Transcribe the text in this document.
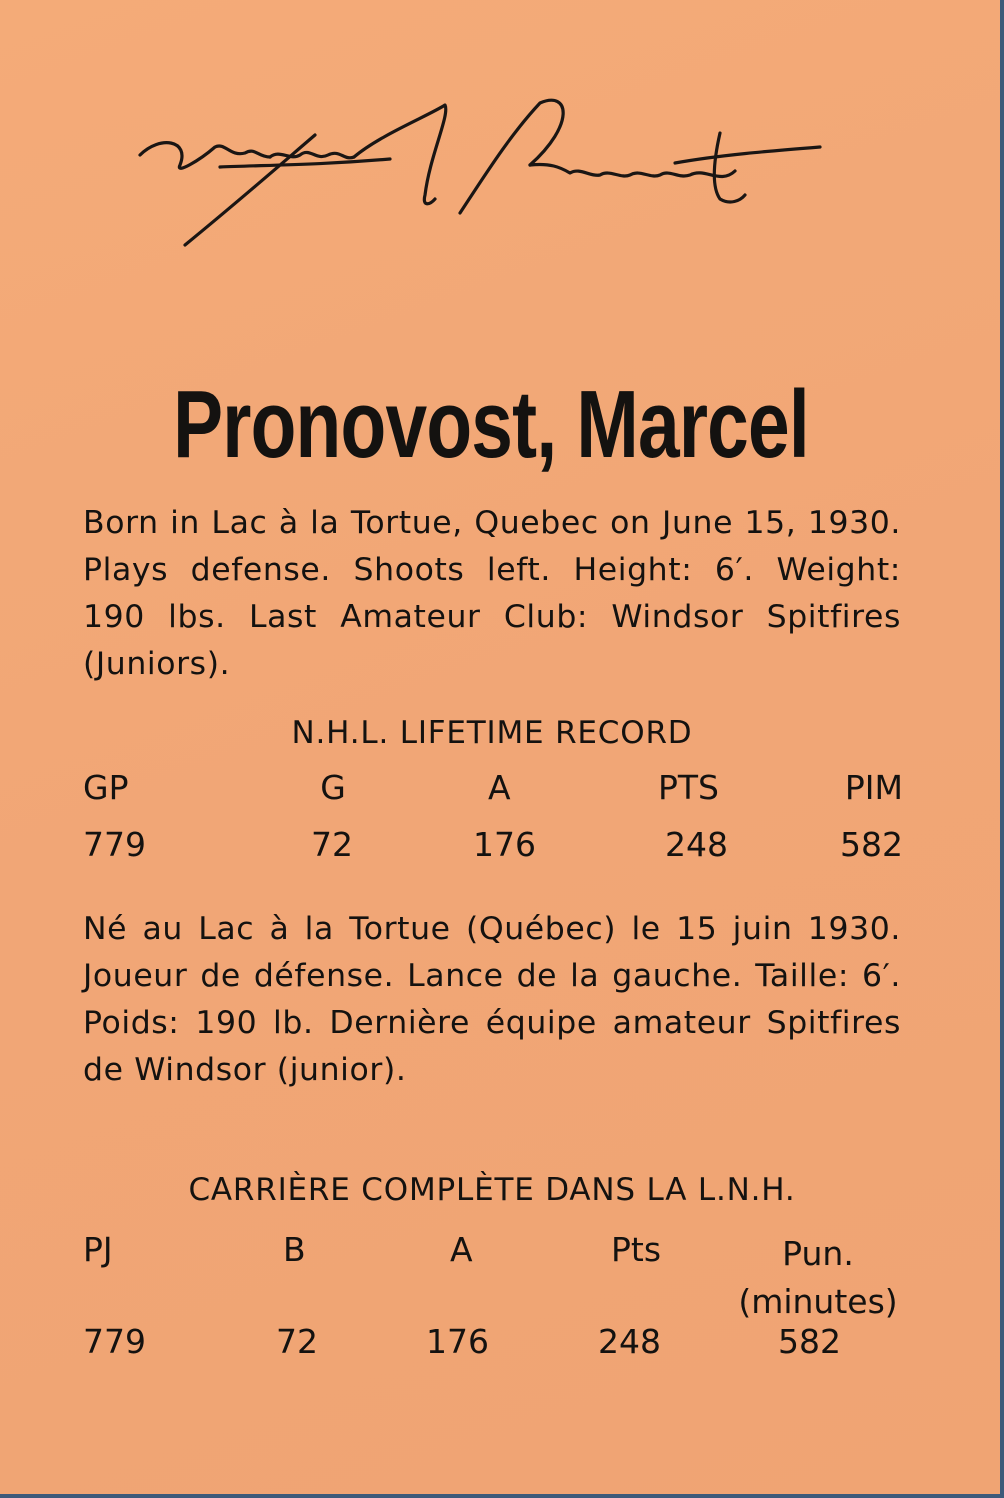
Pronovost, Marcel
Born in Lac à la Tortue, Quebec on June 15, 1930. Plays defense. Shoots left. Height: 6′. Weight: 190 lbs. Last Amateur Club: Windsor Spitfires (Juniors).
N.H.L. LIFETIME RECORD
GP	G	A	PTS	PIM
779	72	176	248	582
Né au Lac à la Tortue (Québec) le 15 juin 1930. Joueur de défense. Lance de la gauche. Taille: 6′. Poids: 190 lb. Dernière équipe amateur Spitfires de Windsor (junior).
CARRIÈRE COMPLÈTE DANS LA L.N.H.
PJ	B	A	Pts	Pun.
(minutes)
779	72	176	248	582
